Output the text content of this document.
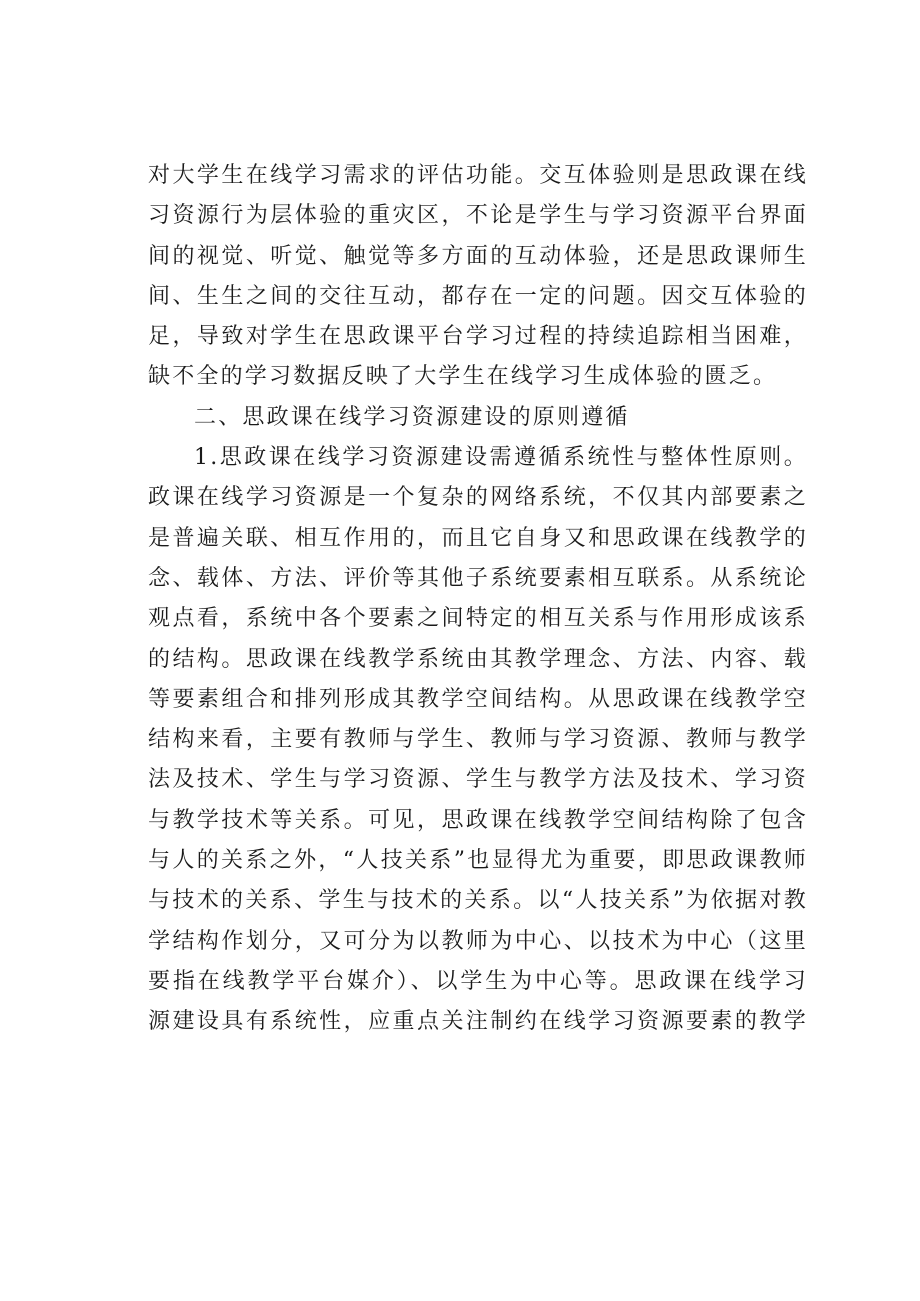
对大学生在线学习需求的评估功能。交互体验则是思政课在线
习资源行为层体验的重灾区，不论是学生与学习资源平台界面
间的视觉、听觉、触觉等多方面的互动体验，还是思政课师生
间、生生之间的交往互动，都存在一定的问题。因交互体验的
足，导致对学生在思政课平台学习过程的持续追踪相当困难，
缺不全的学习数据反映了大学生在线学习生成体验的匮乏。
二、思政课在线学习资源建设的原则遵循
1.思政课在线学习资源建设需遵循系统性与整体性原则。
政课在线学习资源是一个复杂的网络系统，不仅其内部要素之
是普遍关联、相互作用的，而且它自身又和思政课在线教学的
念、载体、方法、评价等其他子系统要素相互联系。从系统论
观点看，系统中各个要素之间特定的相互关系与作用形成该系
的结构。思政课在线教学系统由其教学理念、方法、内容、载
等要素组合和排列形成其教学空间结构。从思政课在线教学空
结构来看，主要有教师与学生、教师与学习资源、教师与教学
法及技术、学生与学习资源、学生与教学方法及技术、学习资
与教学技术等关系。可见，思政课在线教学空间结构除了包含
与人的关系之外，“人技关系”也显得尤为重要，即思政课教师
与技术的关系、学生与技术的关系。以“人技关系”为依据对教
学结构作划分，又可分为以教师为中心、以技术为中心（这里
要指在线教学平台媒介）、以学生为中心等。思政课在线学习
源建设具有系统性，应重点关注制约在线学习资源要素的教学
